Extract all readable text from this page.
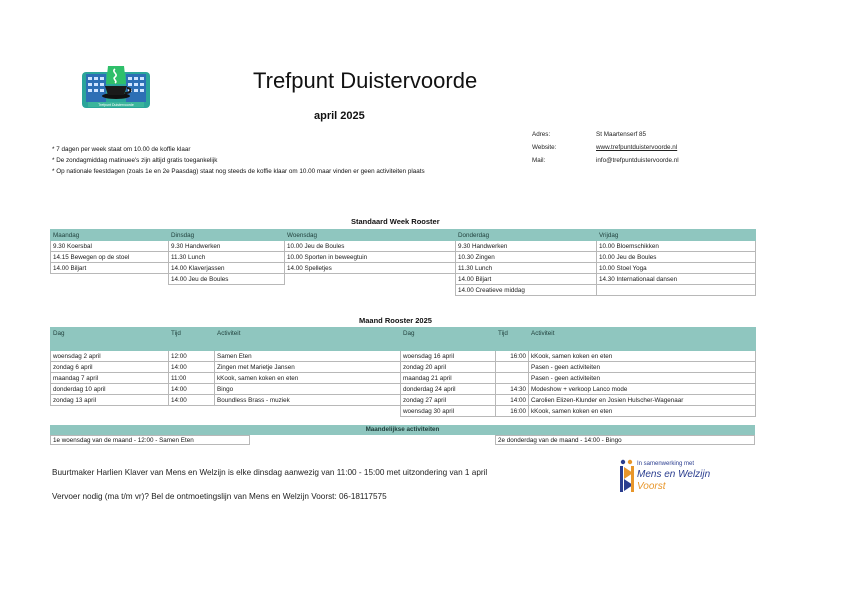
Trefpunt Duistervoorde
Trefpunt Duistervoorde
april 2025
* 7 dagen per week staat om 10.00 de koffie klaar
* De zondagmiddag matinuee's zijn altijd gratis toegankelijk
* Op nationale feestdagen (zoals 1e en 2e Paasdag) staat nog steeds de koffie klaar om 10.00 maar vinden er geen activiteiten plaats
Adres:	St Maartenserf 85
Website:	www.trefpuntduistervoorde.nl
Mail:	info@trefpuntduistervoorde.nl
Standaard Week Rooster
Maandag	Dinsdag	Woensdag	Donderdag	Vrijdag
9.30 Koersbal	9.30 Handwerken	10.00 Jeu de Boules	9.30 Handwerken	10.00 Bloemschikken
14.15 Bewegen op de stoel	11.30 Lunch	10.00 Sporten in beweegtuin	10.30 Zingen	10.00 Jeu de Boules
14.00 Biljart	14.00 Klaverjassen	14.00 Spelletjes	11.30 Lunch	10.00 Stoel Yoga
	14.00 Jeu de Boules		14.00 Biljart	14.30 Internationaal dansen
			14.00 Creatieve middag	
Maand Rooster 2025
Dag	Tijd	Activiteit
woensdag 2 april	12:00	Samen Eten
zondag 6 april	14:00	Zingen met Marietje Jansen
maandag 7 april	11:00	kKook, samen koken en eten
donderdag 10 april	14:00	Bingo
zondag 13 april	14:00	Boundless Brass - muziek
Dag	Tijd	Activiteit
woensdag 16 april	16:00	kKook, samen koken en eten
zondag 20 april		Pasen - geen activiteiten
maandag 21 april		Pasen - geen activiteiten
donderdag 24 april	14:30	Modeshow + verkoop Lanco mode
zondag 27 april	14:00	Carolien Elizen-Klunder en Josien Hulscher-Wagenaar
woensdag 30 april	16:00	kKook, samen koken en eten
Maandelijkse activiteiten
1e woensdag van de maand - 12:00 - Samen Eten	2e donderdag van de maand - 14:00 - Bingo
Buurtmaker Harlien Klaver van Mens en Welzijn is elke dinsdag aanwezig van 11:00 - 15:00 met uitzondering van 1 april
Vervoer nodig (ma t/m vr)? Bel de ontmoetingslijn van Mens en Welzijn Voorst: 06-18117575
In samenwerking met
Mens en Welzijn
Voorst
